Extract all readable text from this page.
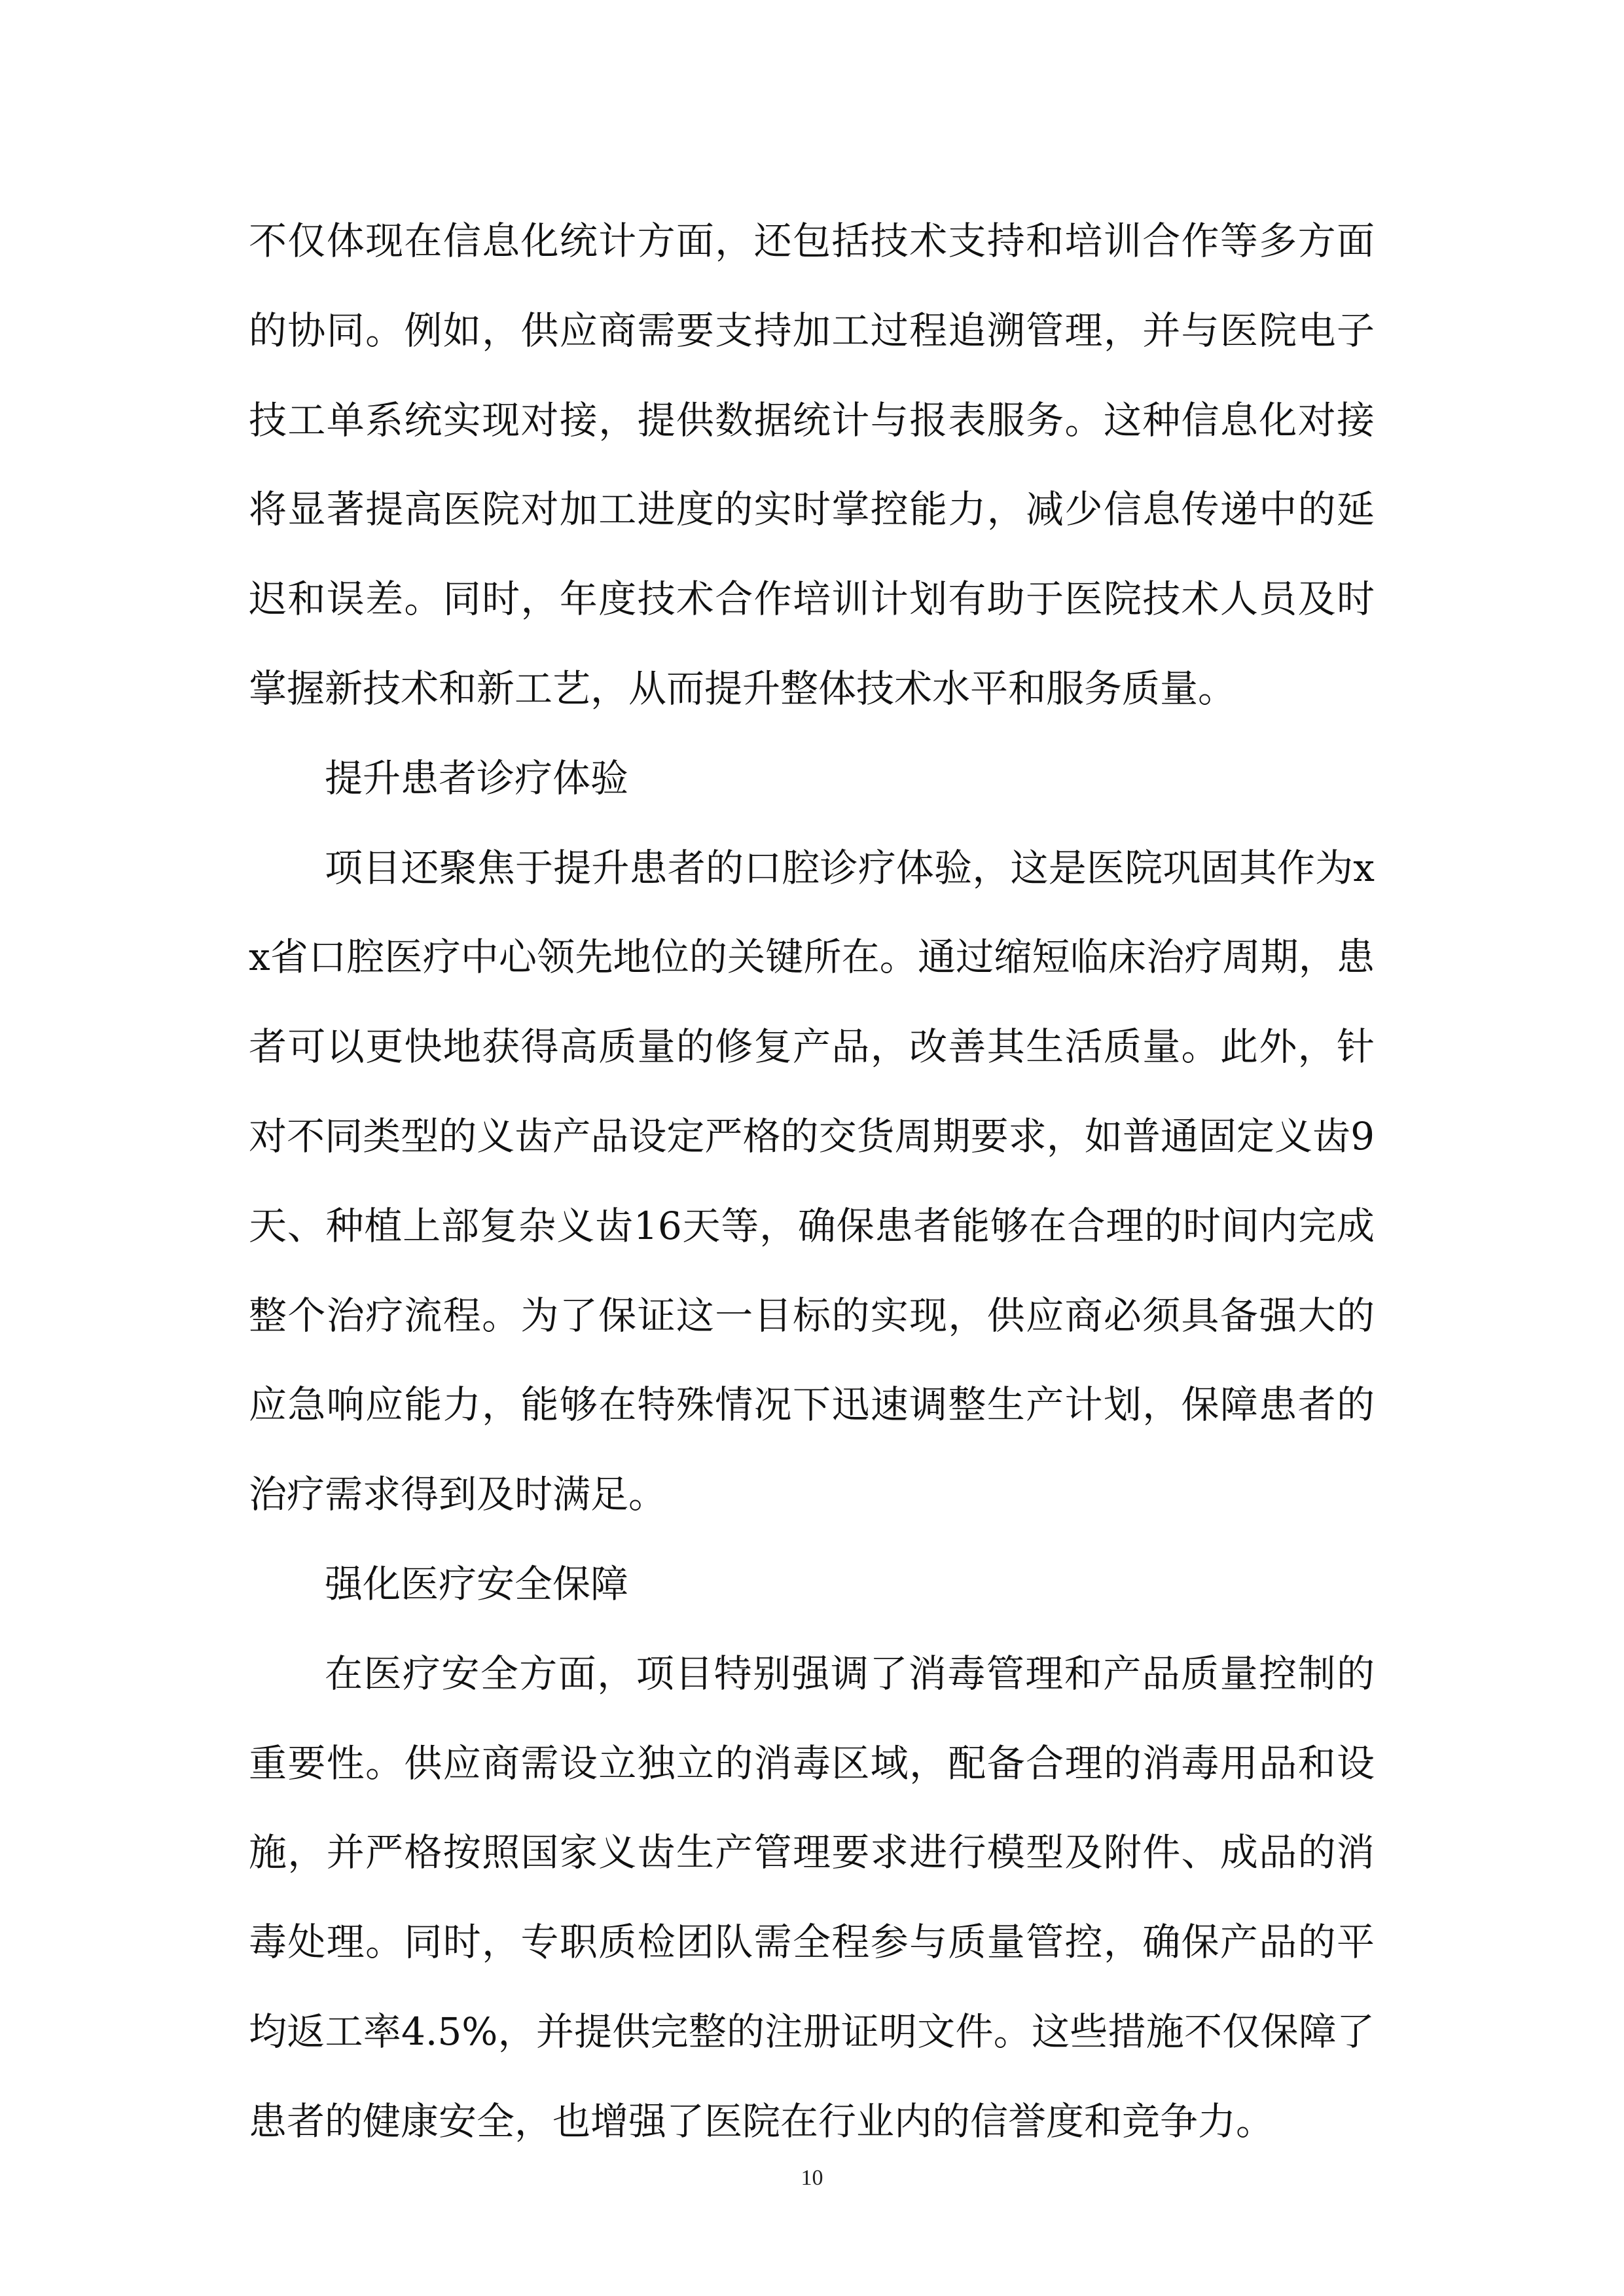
不仅体现在信息化统计方面，还包括技术支持和培训合作等多方面的协同。例如，供应商需要支持加工过程追溯管理，并与医院电子技工单系统实现对接，提供数据统计与报表服务。这种信息化对接将显著提高医院对加工进度的实时掌控能力，减少信息传递中的延迟和误差。同时，年度技术合作培训计划有助于医院技术人员及时掌握新技术和新工艺，从而提升整体技术水平和服务质量。

提升患者诊疗体验

项目还聚焦于提升患者的口腔诊疗体验，这是医院巩固其作为xx省口腔医疗中心领先地位的关键所在。通过缩短临床治疗周期，患者可以更快地获得高质量的修复产品，改善其生活质量。此外，针对不同类型的义齿产品设定严格的交货周期要求，如普通固定义齿9天、种植上部复杂义齿16天等，确保患者能够在合理的时间内完成整个治疗流程。为了保证这一目标的实现，供应商必须具备强大的应急响应能力，能够在特殊情况下迅速调整生产计划，保障患者的治疗需求得到及时满足。

强化医疗安全保障

在医疗安全方面，项目特别强调了消毒管理和产品质量控制的重要性。供应商需设立独立的消毒区域，配备合理的消毒用品和设施，并严格按照国家义齿生产管理要求进行模型及附件、成品的消毒处理。同时，专职质检团队需全程参与质量管控，确保产品的平均返工率4.5%，并提供完整的注册证明文件。这些措施不仅保障了患者的健康安全，也增强了医院在行业内的信誉度和竞争力。

10
